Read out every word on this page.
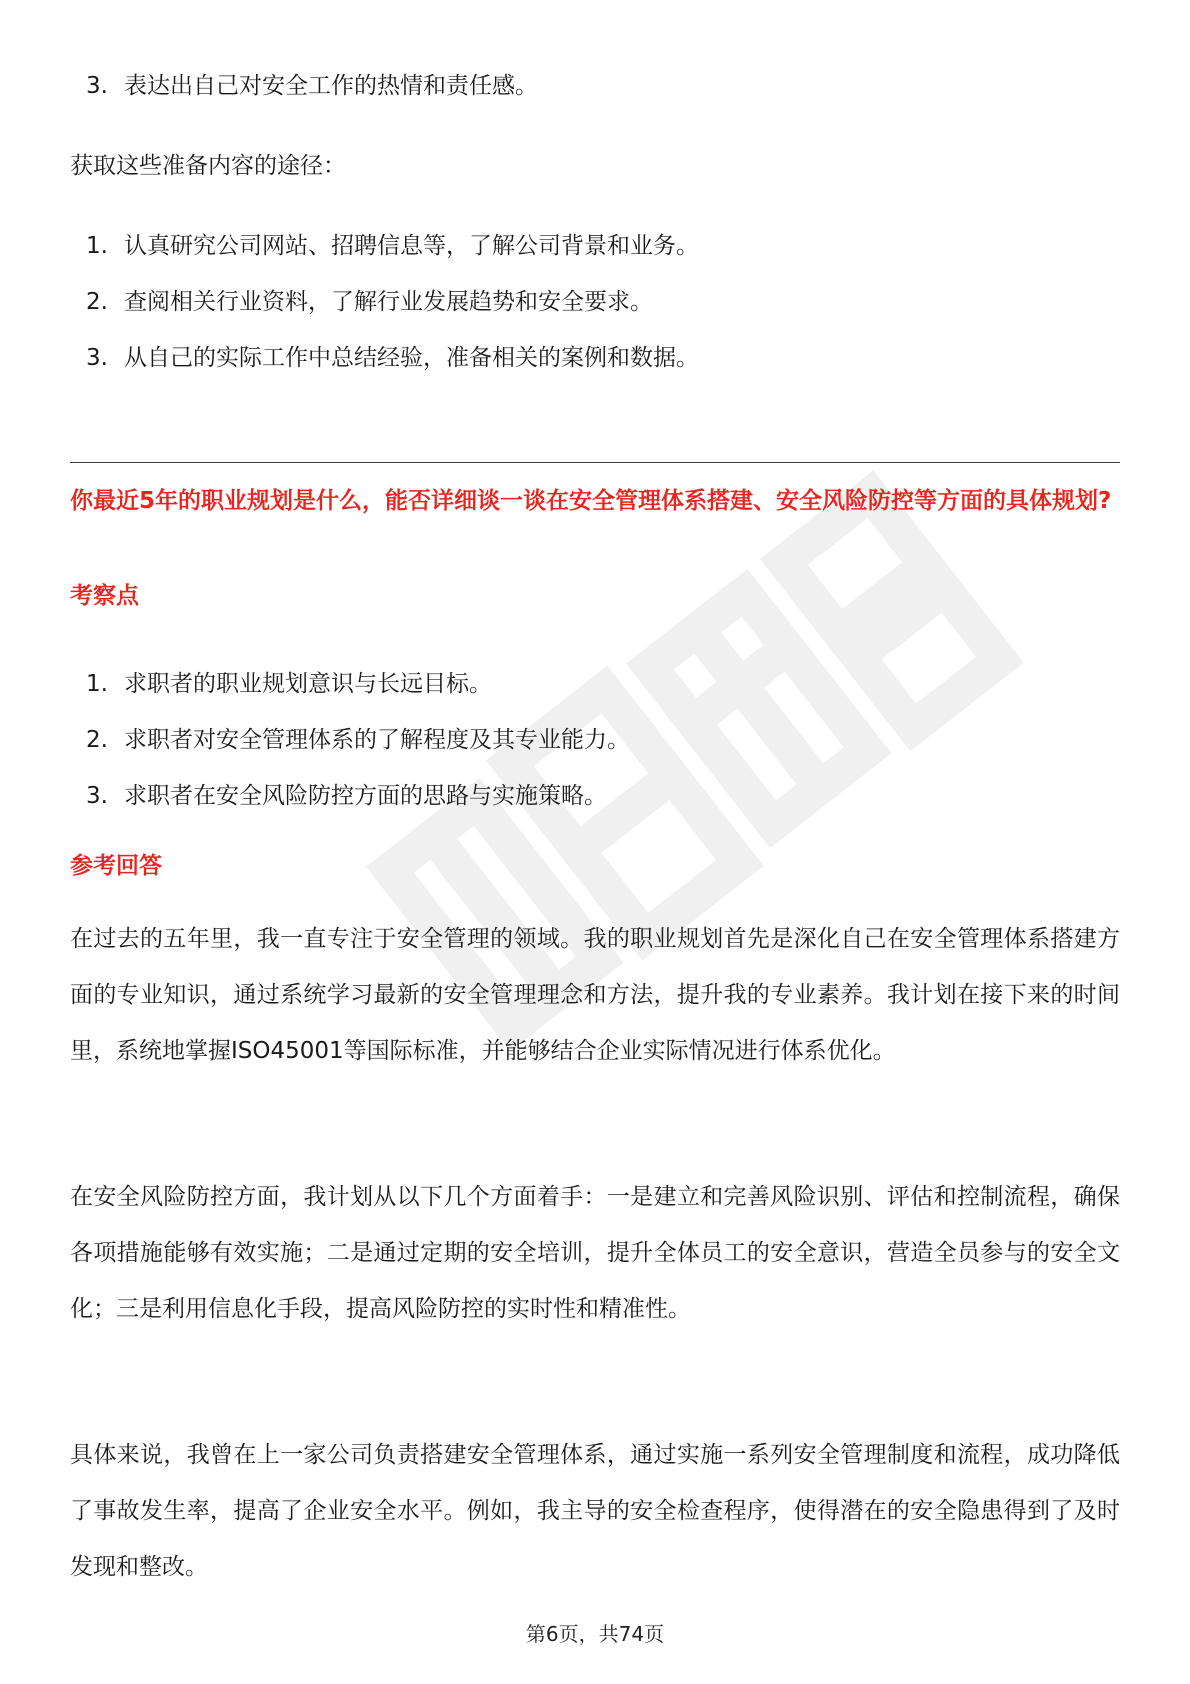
3. 表达出自己对安全工作的热情和责任感。

获取这些准备内容的途径：

1. 认真研究公司网站、招聘信息等，了解公司背景和业务。
2. 查阅相关行业资料，了解行业发展趋势和安全要求。
3. 从自己的实际工作中总结经验，准备相关的案例和数据。
你最近5年的职业规划是什么，能否详细谈一谈在安全管理体系搭建、安全风险防控等方面的具体规划?
考察点
1. 求职者的职业规划意识与长远目标。
2. 求职者对安全管理体系的了解程度及其专业能力。
3. 求职者在安全风险防控方面的思路与实施策略。
参考回答

在过去的五年里，我一直专注于安全管理的领域。我的职业规划首先是深化自己在安全管理体系搭建方面的专业知识，通过系统学习最新的安全管理理念和方法，提升我的专业素养。我计划在接下来的时间里，系统地掌握ISO45001等国际标准，并能够结合企业实际情况进行体系优化。

在安全风险防控方面，我计划从以下几个方面着手：一是建立和完善风险识别、评估和控制流程，确保各项措施能够有效实施；二是通过定期的安全培训，提升全体员工的安全意识，营造全员参与的安全文化；三是利用信息化手段，提高风险防控的实时性和精准性。

具体来说，我曾在上一家公司负责搭建安全管理体系，通过实施一系列安全管理制度和流程，成功降低了事故发生率，提高了企业安全水平。例如，我主导的安全检查程序，使得潜在的安全隐患得到了及时发现和整改。

第6页，共74页
